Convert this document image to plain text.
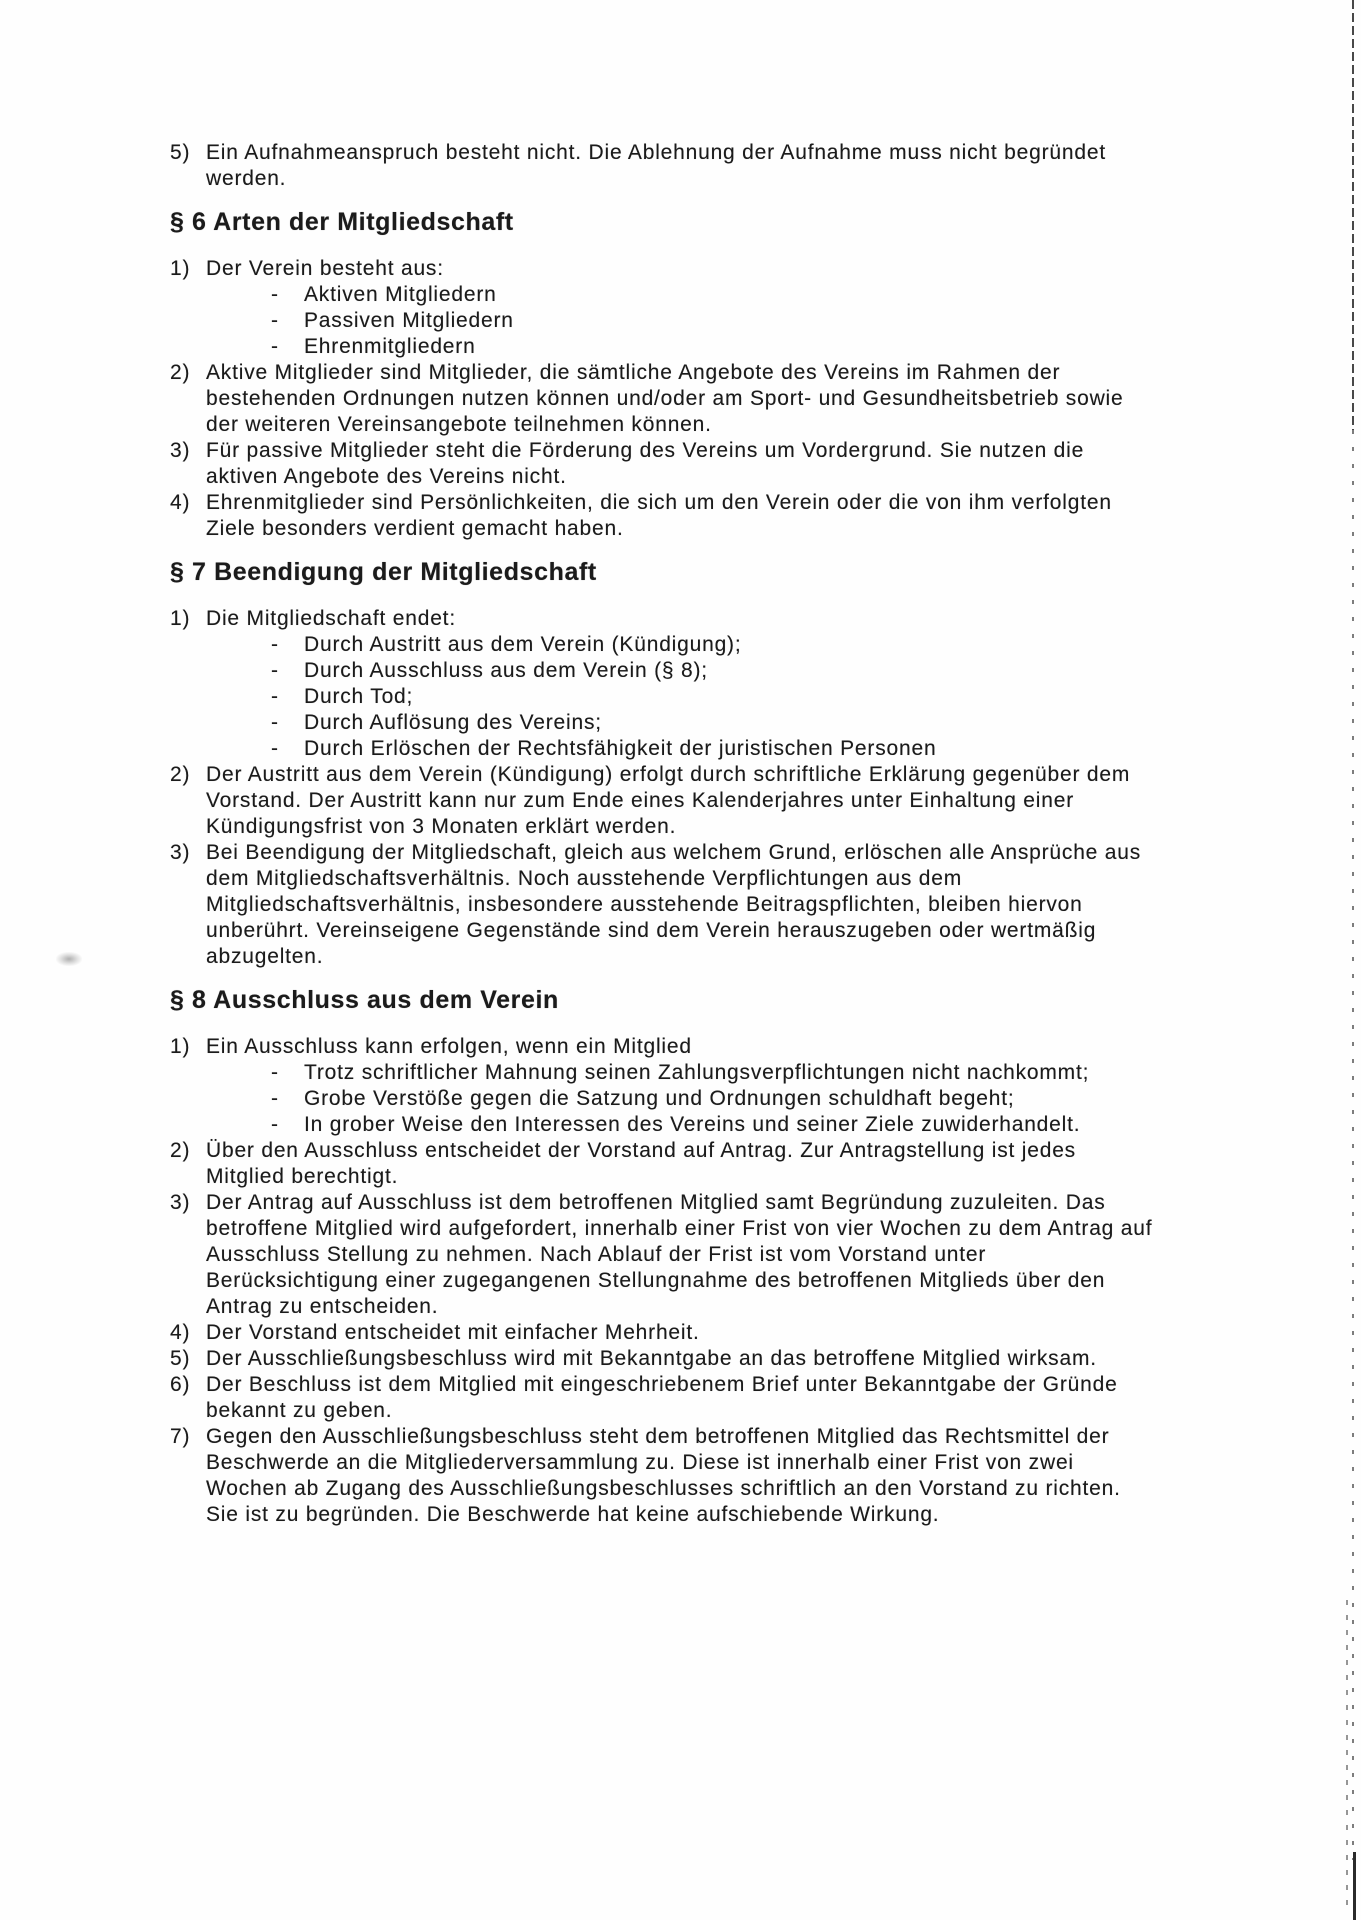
5) Ein Aufnahmeanspruch besteht nicht. Die Ablehnung der Aufnahme muss nicht begründet
werden.
§ 6 Arten der Mitgliedschaft
1) Der Verein besteht aus:
-	Aktiven Mitgliedern
-	Passiven Mitgliedern
-	Ehrenmitgliedern
2) Aktive Mitglieder sind Mitglieder, die sämtliche Angebote des Vereins im Rahmen der
bestehenden Ordnungen nutzen können und/oder am Sport- und Gesundheitsbetrieb sowie
der weiteren Vereinsangebote teilnehmen können.
3) Für passive Mitglieder steht die Förderung des Vereins um Vordergrund. Sie nutzen die
aktiven Angebote des Vereins nicht.
4) Ehrenmitglieder sind Persönlichkeiten, die sich um den Verein oder die von ihm verfolgten
Ziele besonders verdient gemacht haben.
§ 7 Beendigung der Mitgliedschaft
1) Die Mitgliedschaft endet:
-	Durch Austritt aus dem Verein (Kündigung);
-	Durch Ausschluss aus dem Verein (§ 8);
-	Durch Tod;
-	Durch Auflösung des Vereins;
-	Durch Erlöschen der Rechtsfähigkeit der juristischen Personen
2) Der Austritt aus dem Verein (Kündigung) erfolgt durch schriftliche Erklärung gegenüber dem
Vorstand. Der Austritt kann nur zum Ende eines Kalenderjahres unter Einhaltung einer
Kündigungsfrist von 3 Monaten erklärt werden.
3) Bei Beendigung der Mitgliedschaft, gleich aus welchem Grund, erlöschen alle Ansprüche aus
dem Mitgliedschaftsverhältnis. Noch ausstehende Verpflichtungen aus dem
Mitgliedschaftsverhältnis, insbesondere ausstehende Beitragspflichten, bleiben hiervon
unberührt. Vereinseigene Gegenstände sind dem Verein herauszugeben oder wertmäßig
abzugelten.
§ 8 Ausschluss aus dem Verein
1) Ein Ausschluss kann erfolgen, wenn ein Mitglied
-	Trotz schriftlicher Mahnung seinen Zahlungsverpflichtungen nicht nachkommt;
-	Grobe Verstöße gegen die Satzung und Ordnungen schuldhaft begeht;
-	In grober Weise den Interessen des Vereins und seiner Ziele zuwiderhandelt.
2) Über den Ausschluss entscheidet der Vorstand auf Antrag. Zur Antragstellung ist jedes
Mitglied berechtigt.
3) Der Antrag auf Ausschluss ist dem betroffenen Mitglied samt Begründung zuzuleiten. Das
betroffene Mitglied wird aufgefordert, innerhalb einer Frist von vier Wochen zu dem Antrag auf
Ausschluss Stellung zu nehmen. Nach Ablauf der Frist ist vom Vorstand unter
Berücksichtigung einer zugegangenen Stellungnahme des betroffenen Mitglieds über den
Antrag zu entscheiden.
4) Der Vorstand entscheidet mit einfacher Mehrheit.
5) Der Ausschließungsbeschluss wird mit Bekanntgabe an das betroffene Mitglied wirksam.
6) Der Beschluss ist dem Mitglied mit eingeschriebenem Brief unter Bekanntgabe der Gründe
bekannt zu geben.
7) Gegen den Ausschließungsbeschluss steht dem betroffenen Mitglied das Rechtsmittel der
Beschwerde an die Mitgliederversammlung zu. Diese ist innerhalb einer Frist von zwei
Wochen ab Zugang des Ausschließungsbeschlusses schriftlich an den Vorstand zu richten.
Sie ist zu begründen. Die Beschwerde hat keine aufschiebende Wirkung.
